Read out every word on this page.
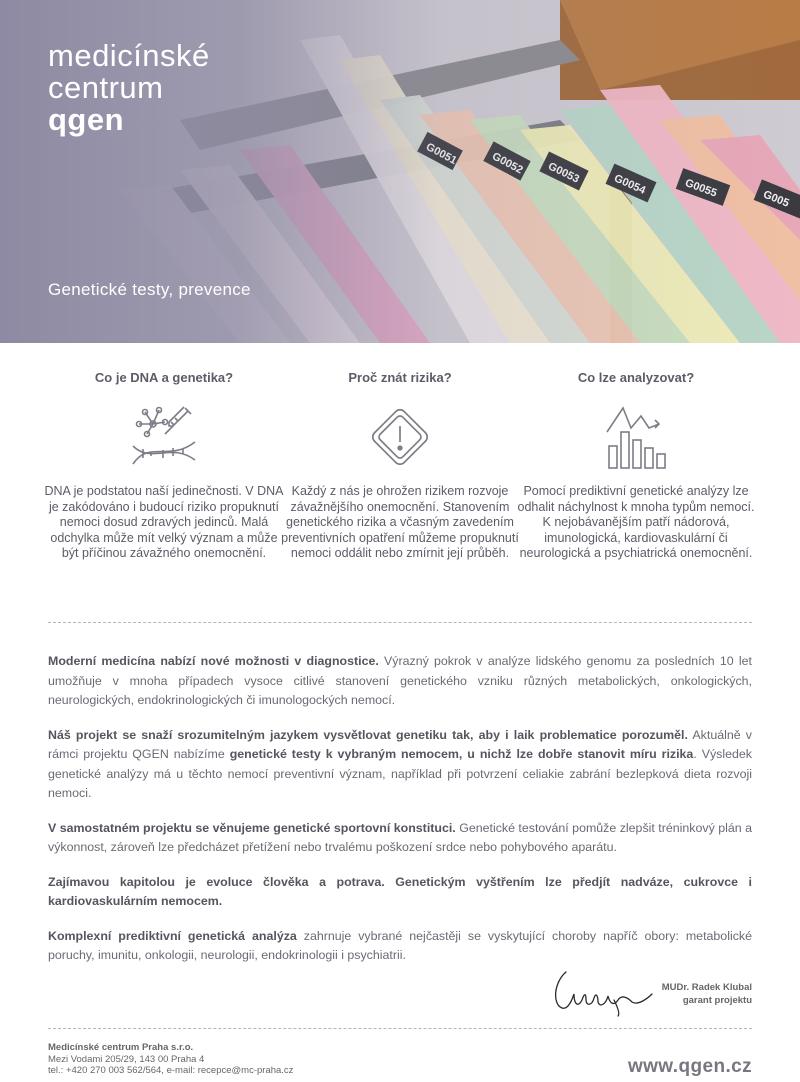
medicínské
centrum
qgen
Genetické testy, prevence
Co je DNA a genetika?

DNA je podstatou naší jedinečnosti. V DNA je zakódováno i budoucí riziko propuknutí nemoci dosud zdravých jedinců. Malá odchylka může mít velký význam a může být příčinou závažného onemocnění.

Proč znát rizika?

Každý z nás je ohrožen rizikem rozvoje závažnějšího onemocnění. Stanovením genetického rizika a včasným zavedením preventivních opatření můžeme propuknutí nemoci oddálit nebo zmírnit její průběh.

Co lze analyzovat?

Pomocí prediktivní genetické analýzy lze odhalit náchylnost k mnoha typům nemocí. K nejobávanějším patří nádorová, imunologická, kardiovaskulární či neurologická a psychiatrická onemocnění.

Moderní medicína nabízí nové možnosti v diagnostice. Výrazný pokrok v analýze lidského genomu za posledních 10 let umožňuje v mnoha případech vysoce citlivé stanovení genetického vzniku různých metabolických, onkologických, neurologických, endokrinologických či imunologockých nemocí.

Náš projekt se snaží srozumitelným jazykem vysvětlovat genetiku tak, aby i laik problematice porozuměl. Aktuálně v rámci projektu QGEN nabízíme genetické testy k vybraným nemocem, u nichž lze dobře stanovit míru rizika. Výsledek genetické analýzy má u těchto nemocí preventivní význam, například při potvrzení celiakie zabrání bezlepková dieta rozvoji nemoci.

V samostatném projektu se věnujeme genetické sportovní konstituci. Genetické testování pomůže zlepšit tréninkový plán a výkonnost, zároveň lze předcházet přetížení nebo trvalému poškození srdce nebo pohybového aparátu.

Zajímavou kapitolou je evoluce člověka a potrava. Genetickým vyštřením lze předjít nadváze, cukrovce i kardiovaskulárním nemocem.

Komplexní prediktivní genetická analýza zahrnuje vybrané nejčastěji se vyskytující choroby napříč obory: metabolické poruchy, imunitu, onkologii, neurologii, endokrinologii i psychiatrii.

MUDr. Radek Klubal
garant projektu
Medicínské centrum Praha s.r.o.
Mezi Vodami 205/29, 143 00 Praha 4
tel.: +420 270 003 562/564, e-mail: recepce@mc-praha.cz	www.qgen.cz
